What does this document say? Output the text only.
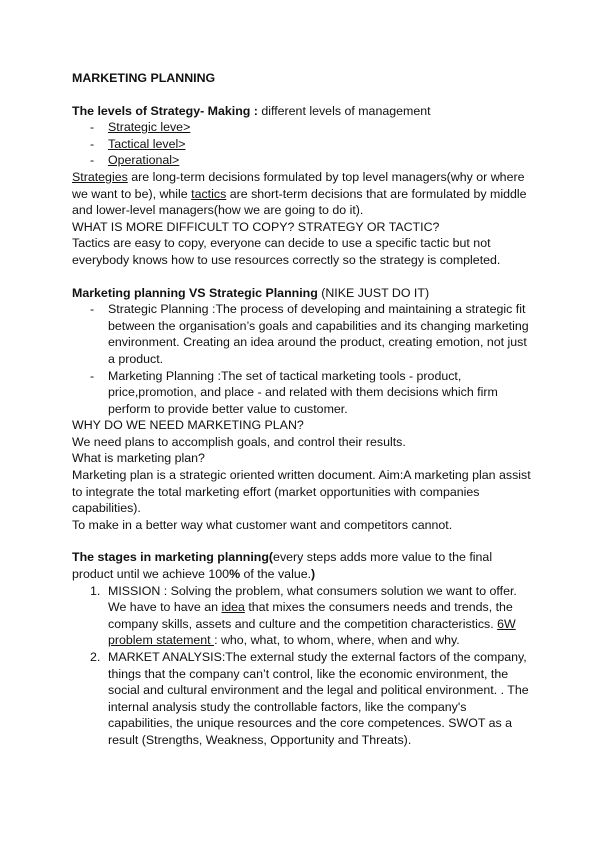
MARKETING PLANNING

The levels of Strategy- Making : different levels of management

- Strategic leve>
- Tactical level>
- Operational>

Strategies are long-term decisions formulated by top level managers(why or where we want to be), while tactics are short-term decisions that are formulated by middle and lower-level managers(how we are going to do it).

WHAT IS MORE DIFFICULT TO COPY? STRATEGY OR TACTIC?

Tactics are easy to copy, everyone can decide to use a specific tactic but not everybody knows how to use resources correctly so the strategy is completed.

Marketing planning VS Strategic Planning (NIKE JUST DO IT)

- Strategic Planning :The process of developing and maintaining a strategic fit between the organisation’s goals and capabilities and its changing marketing environment. Creating an idea around the product, creating emotion, not just a product.
- Marketing Planning :The set of tactical marketing tools - product, price,promotion, and place - and related with them decisions which firm perform to provide better value to customer.

WHY DO WE NEED MARKETING PLAN?

We need plans to accomplish goals, and control their results.

What is marketing plan?

Marketing plan is a strategic oriented written document. Aim:A marketing plan assist to integrate the total marketing effort (market opportunities with companies capabilities).

To make in a better way what customer want and competitors cannot.

The stages in marketing planning(every steps adds more value to the final product until we achieve 100% of the value.)

1. MISSION : Solving the problem, what consumers solution we want to offer. We have to have an idea that mixes the consumers needs and trends, the company skills, assets and culture and the competition characteristics. 6W problem statement : who, what, to whom, where, when and why.
2. MARKET ANALYSIS:The external study the external factors of the company, things that the company can’t control, like the economic environment, the social and cultural environment and the legal and political environment. . The internal analysis study the controllable factors, like the company's capabilities, the unique resources and the core competences. SWOT as a result (Strengths, Weakness, Opportunity and Threats).
